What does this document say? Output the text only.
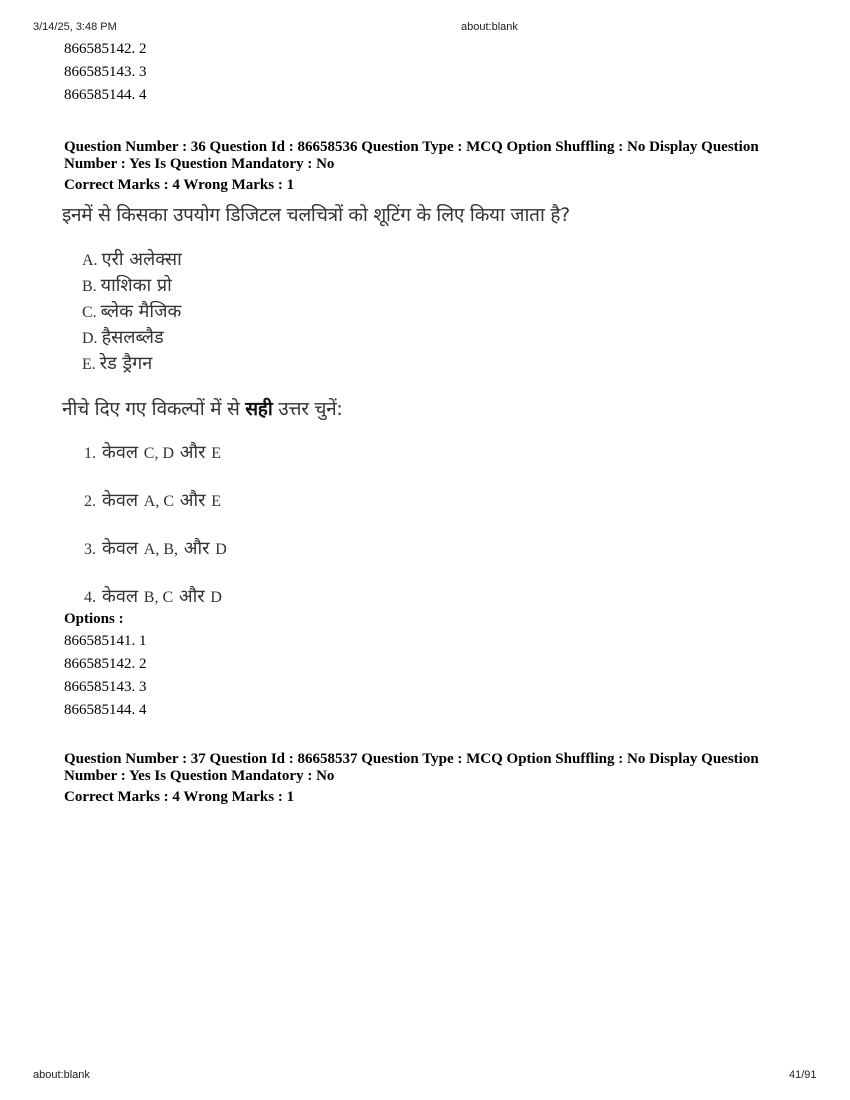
3/14/25, 3:48 PM	about:blank
866585142. 2
866585143. 3
866585144. 4
Question Number : 36 Question Id : 86658536 Question Type : MCQ Option Shuffling : No Display Question
Number : Yes Is Question Mandatory : No
Correct Marks : 4 Wrong Marks : 1
इनमें से किसका उपयोग डिजिटल चलचित्रों को शूटिंग के लिए किया जाता है?
A. एरी अलेक्सा
B. याशिका प्रो
C. ब्लेक मैजिक
D. हैसलब्लैड
E. रेड ड्रैगन
नीचे दिए गए विकल्पों में से सही उत्तर चुनें:
1. केवल C, D और E
2. केवल A, C और E
3. केवल A, B, और D
4. केवल B, C और D
Options :
866585141. 1
866585142. 2
866585143. 3
866585144. 4
Question Number : 37 Question Id : 86658537 Question Type : MCQ Option Shuffling : No Display Question
Number : Yes Is Question Mandatory : No
Correct Marks : 4 Wrong Marks : 1
about:blank	41/91
